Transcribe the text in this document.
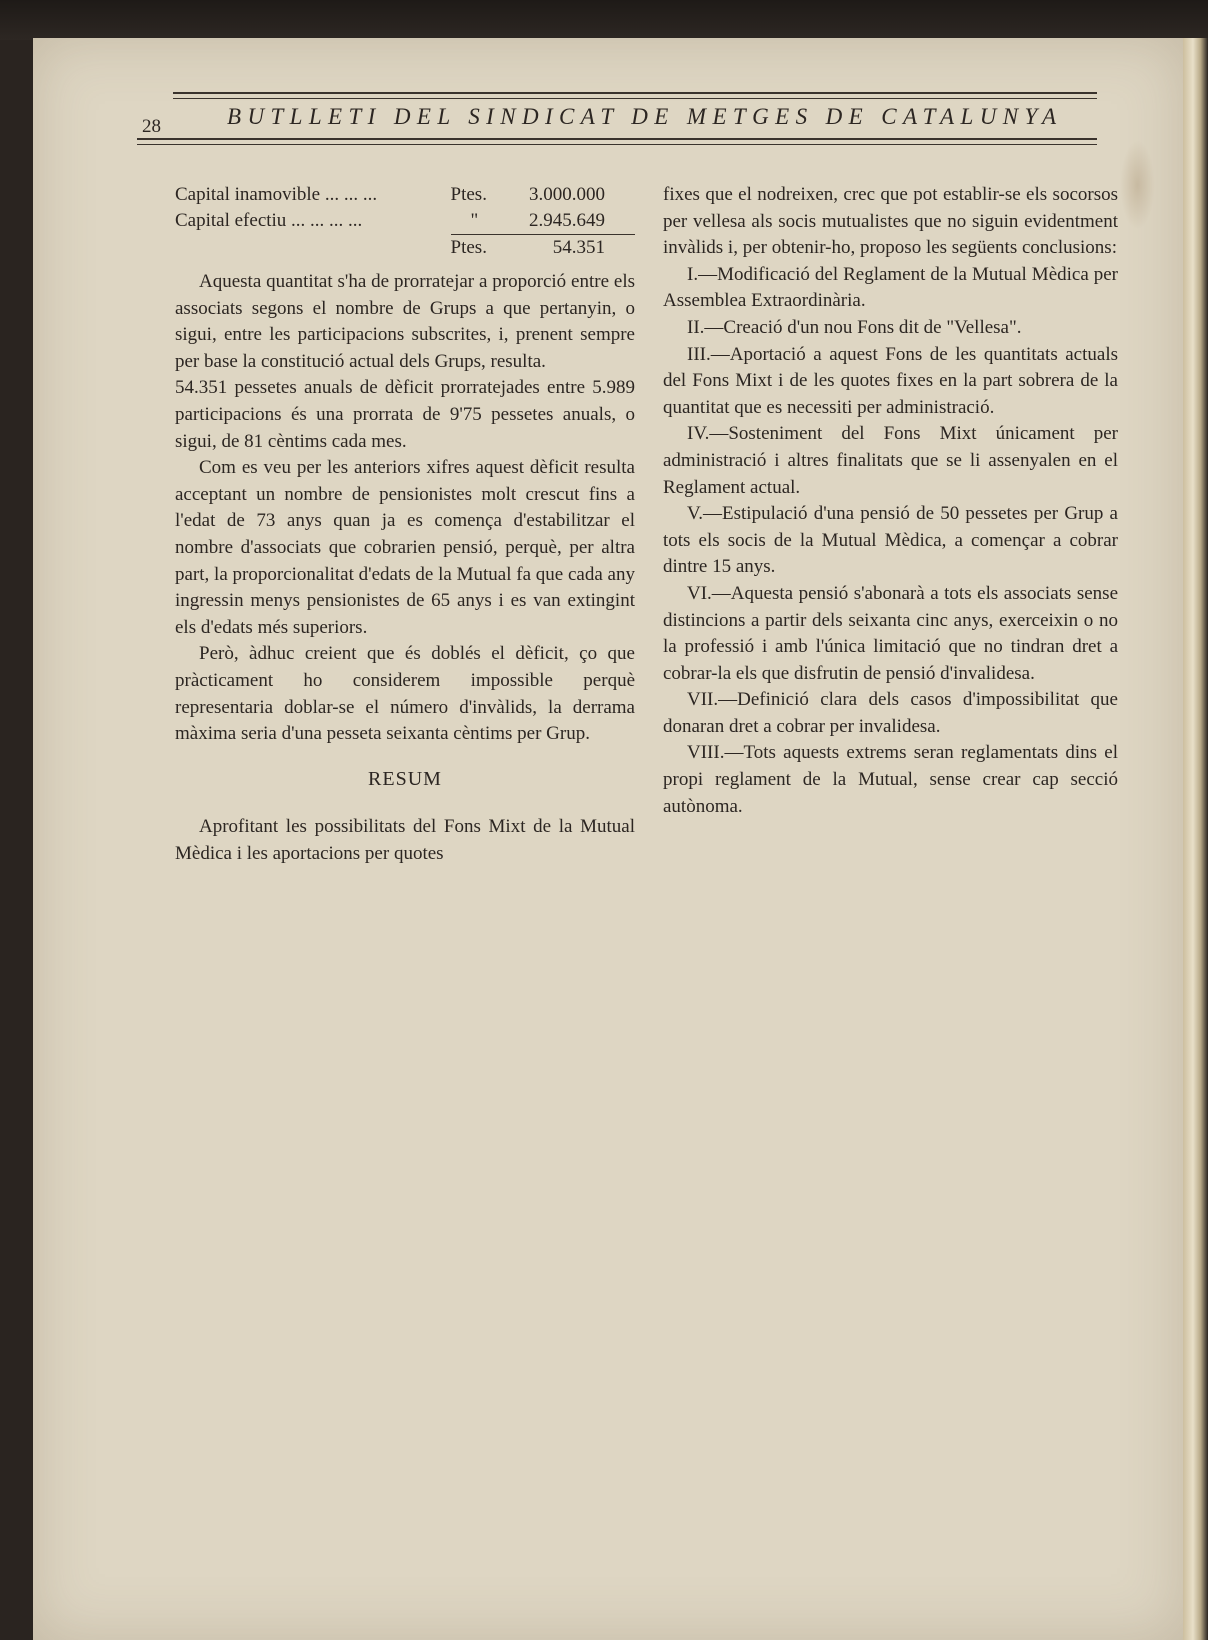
28	BUTLLETI DEL SINDICAT DE METGES DE CATALUNYA
Capital inamovible ... ... ...	Ptes.	3.000.000
Capital efectiu ... ... ... ...	"	2.945.649
	Ptes.	54.351

Aquesta quantitat s'ha de prorratejar a proporció entre els associats segons el nombre de Grups a que pertanyin, o sigui, entre les participacions subscrites, i, prenent sempre per base la constitució actual dels Grups, resulta.

54.351 pessetes anuals de dèficit prorratejades entre 5.989 participacions és una prorrata de 9'75 pessetes anuals, o sigui, de 81 cèntims cada mes.

Com es veu per les anteriors xifres aquest dèficit resulta acceptant un nombre de pensionistes molt crescut fins a l'edat de 73 anys quan ja es comença d'estabilitzar el nombre d'associats que cobrarien pensió, perquè, per altra part, la proporcionalitat d'edats de la Mutual fa que cada any ingressin menys pensionistes de 65 anys i es van extingint els d'edats més superiors.

Però, àdhuc creient que és doblés el dèficit, ço que pràcticament ho considerem impossible perquè representaria doblar-se el número d'invàlids, la derrama màxima seria d'una pesseta seixanta cèntims per Grup.

RESUM

Aprofitant les possibilitats del Fons Mixt de la Mutual Mèdica i les aportacions per quotes

fixes que el nodreixen, crec que pot establir-se els socorsos per vellesa als socis mutualistes que no siguin evidentment invàlids i, per obtenir-ho, proposo les següents conclusions:

I.—Modificació del Reglament de la Mutual Mèdica per Assemblea Extraordinària.

II.—Creació d'un nou Fons dit de "Vellesa".

III.—Aportació a aquest Fons de les quantitats actuals del Fons Mixt i de les quotes fixes en la part sobrera de la quantitat que es necessiti per administració.

IV.—Sosteniment del Fons Mixt únicament per administració i altres finalitats que se li assenyalen en el Reglament actual.

V.—Estipulació d'una pensió de 50 pessetes per Grup a tots els socis de la Mutual Mèdica, a començar a cobrar dintre 15 anys.

VI.—Aquesta pensió s'abonarà a tots els associats sense distincions a partir dels seixanta cinc anys, exerceixin o no la professió i amb l'única limitació que no tindran dret a cobrar-la els que disfrutin de pensió d'invalidesa.

VII.—Definició clara dels casos d'impossibilitat que donaran dret a cobrar per invalidesa.

VIII.—Tots aquests extrems seran reglamentats dins el propi reglament de la Mutual, sense crear cap secció autònoma.
